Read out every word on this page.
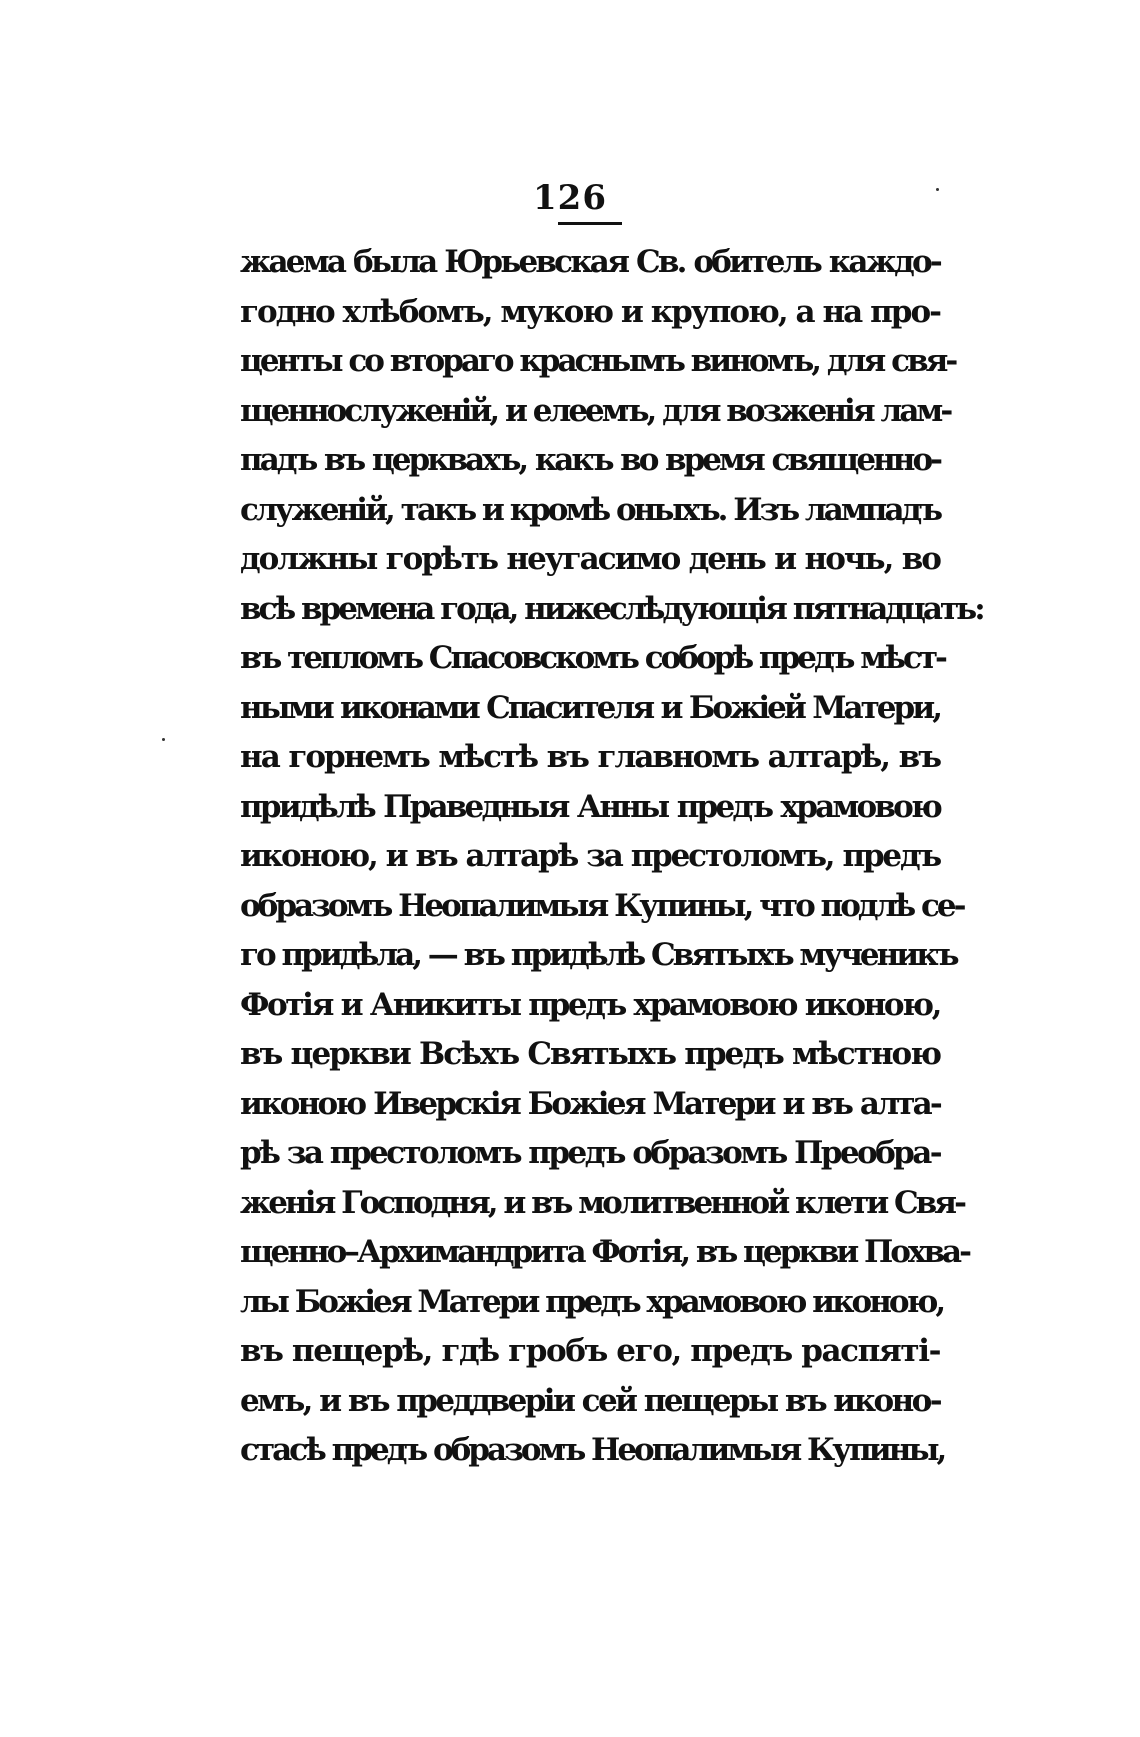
126
жаема была Юрьевская Св. обитель каждо-
годно хлѣбомъ, мукою и крупою, а на про-
центы со втораго краснымъ виномъ, для свя-
щеннослуженій, и елеемъ, для возженія лам-
падъ въ церквахъ, какъ во время священно-
служеній, такъ и кромѣ оныхъ. Изъ лампадъ
должны горѣть неугасимо день и ночь, во
всѣ времена года, нижеслѣдующія пятнадцать:
въ тепломъ Спасовскомъ соборѣ предъ мѣст-
ными иконами Спасителя и Божіей Матери,
на горнемъ мѣстѣ въ главномъ алтарѣ, въ
придѣлѣ Праведныя Анны предъ храмовою
иконою, и въ алтарѣ за престоломъ, предъ
образомъ Неопалимыя Купины, что подлѣ се-
го придѣла, — въ придѣлѣ Святыхъ мученикъ
Фотія и Аникиты предъ храмовою иконою,
въ церкви Всѣхъ Святыхъ предъ мѣстною
иконою Иверскія Божіея Матери и въ алта-
рѣ за престоломъ предъ образомъ Преобра-
женія Господня, и въ молитвенной клети Свя-
щенно–Архимандрита Фотія, въ церкви Похва-
лы Божіея Матери предъ храмовою иконою,
въ пещерѣ, гдѣ гробъ его, предъ распяті-
емъ, и въ преддверіи сей пещеры въ иконо-
стасѣ предъ образомъ Неопалимыя Купины,
